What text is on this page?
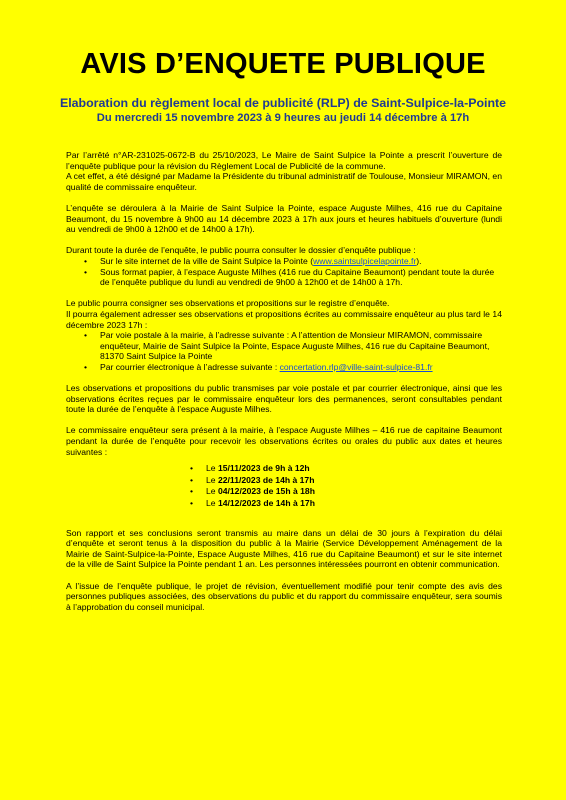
AVIS D’ENQUETE PUBLIQUE
Elaboration du règlement local de publicité (RLP) de Saint-Sulpice-la-Pointe
Du mercredi 15 novembre 2023 à 9 heures au jeudi 14 décembre à 17h

Par l’arrêté n°AR-231025-0672-B du 25/10/2023, Le Maire de Saint Sulpice la Pointe a prescrit l’ouverture de l’enquête publique pour la révision du Règlement Local de Publicité de la commune.

A cet effet, a été désigné par Madame la Présidente du tribunal administratif de Toulouse, Monsieur MIRAMON, en qualité de commissaire enquêteur.

L’enquête se déroulera à la Mairie de Saint Sulpice la Pointe, espace Auguste Milhes, 416 rue du Capitaine Beaumont, du 15 novembre à 9h00 au 14 décembre 2023 à 17h aux jours et heures habituels d’ouverture (lundi au vendredi de 9h00 à 12h00 et de 14h00 à 17h).

Durant toute la durée de l’enquête, le public pourra consulter le dossier d’enquête publique :

• Sur le site internet de la ville de Saint Sulpice la Pointe (www.saintsulpicelapointe.fr).
• Sous format papier, à l’espace Auguste Milhes (416 rue du Capitaine Beaumont) pendant toute la durée de l’enquête publique du lundi au vendredi de 9h00 à 12h00 et de 14h00 à 17h.

Le public pourra consigner ses observations et propositions sur le registre d’enquête.

Il pourra également adresser ses observations et propositions écrites au commissaire enquêteur au plus tard le 14 décembre 2023 17h :

• Par voie postale à la mairie, à l’adresse suivante : A l’attention de Monsieur MIRAMON, commissaire enquêteur, Mairie de Saint Sulpice la Pointe, Espace Auguste Milhes, 416 rue du Capitaine Beaumont, 81370 Saint Sulpice la Pointe
• Par courrier électronique à l’adresse suivante : concertation.rlp@ville-saint-sulpice-81.fr

Les observations et propositions du public transmises par voie postale et par courrier électronique, ainsi que les observations écrites reçues par le commissaire enquêteur lors des permanences, seront consultables pendant toute la durée de l’enquête à l’espace Auguste Milhes.

Le commissaire enquêteur sera présent à la mairie, à l’espace Auguste Milhes – 416 rue de capitaine Beaumont pendant la durée de l’enquête pour recevoir les observations écrites ou orales du public aux dates et heures suivantes :

• Le 15/11/2023 de 9h à 12h
• Le 22/11/2023 de 14h à 17h
• Le 04/12/2023 de 15h à 18h
• Le 14/12/2023 de 14h à 17h

Son rapport et ses conclusions seront transmis au maire dans un délai de 30 jours à l’expiration du délai d’enquête et seront tenus à la disposition du public à la Mairie (Service Développement Aménagement de la Mairie de Saint-Sulpice-la-Pointe, Espace Auguste Milhes, 416 rue du Capitaine Beaumont) et sur le site internet de la ville de Saint Sulpice la Pointe pendant 1 an. Les personnes intéressées pourront en obtenir communication.

A l’issue de l’enquête publique, le projet de révision, éventuellement modifié pour tenir compte des avis des personnes publiques associées, des observations du public et du rapport du commissaire enquêteur, sera soumis à l’approbation du conseil municipal.
